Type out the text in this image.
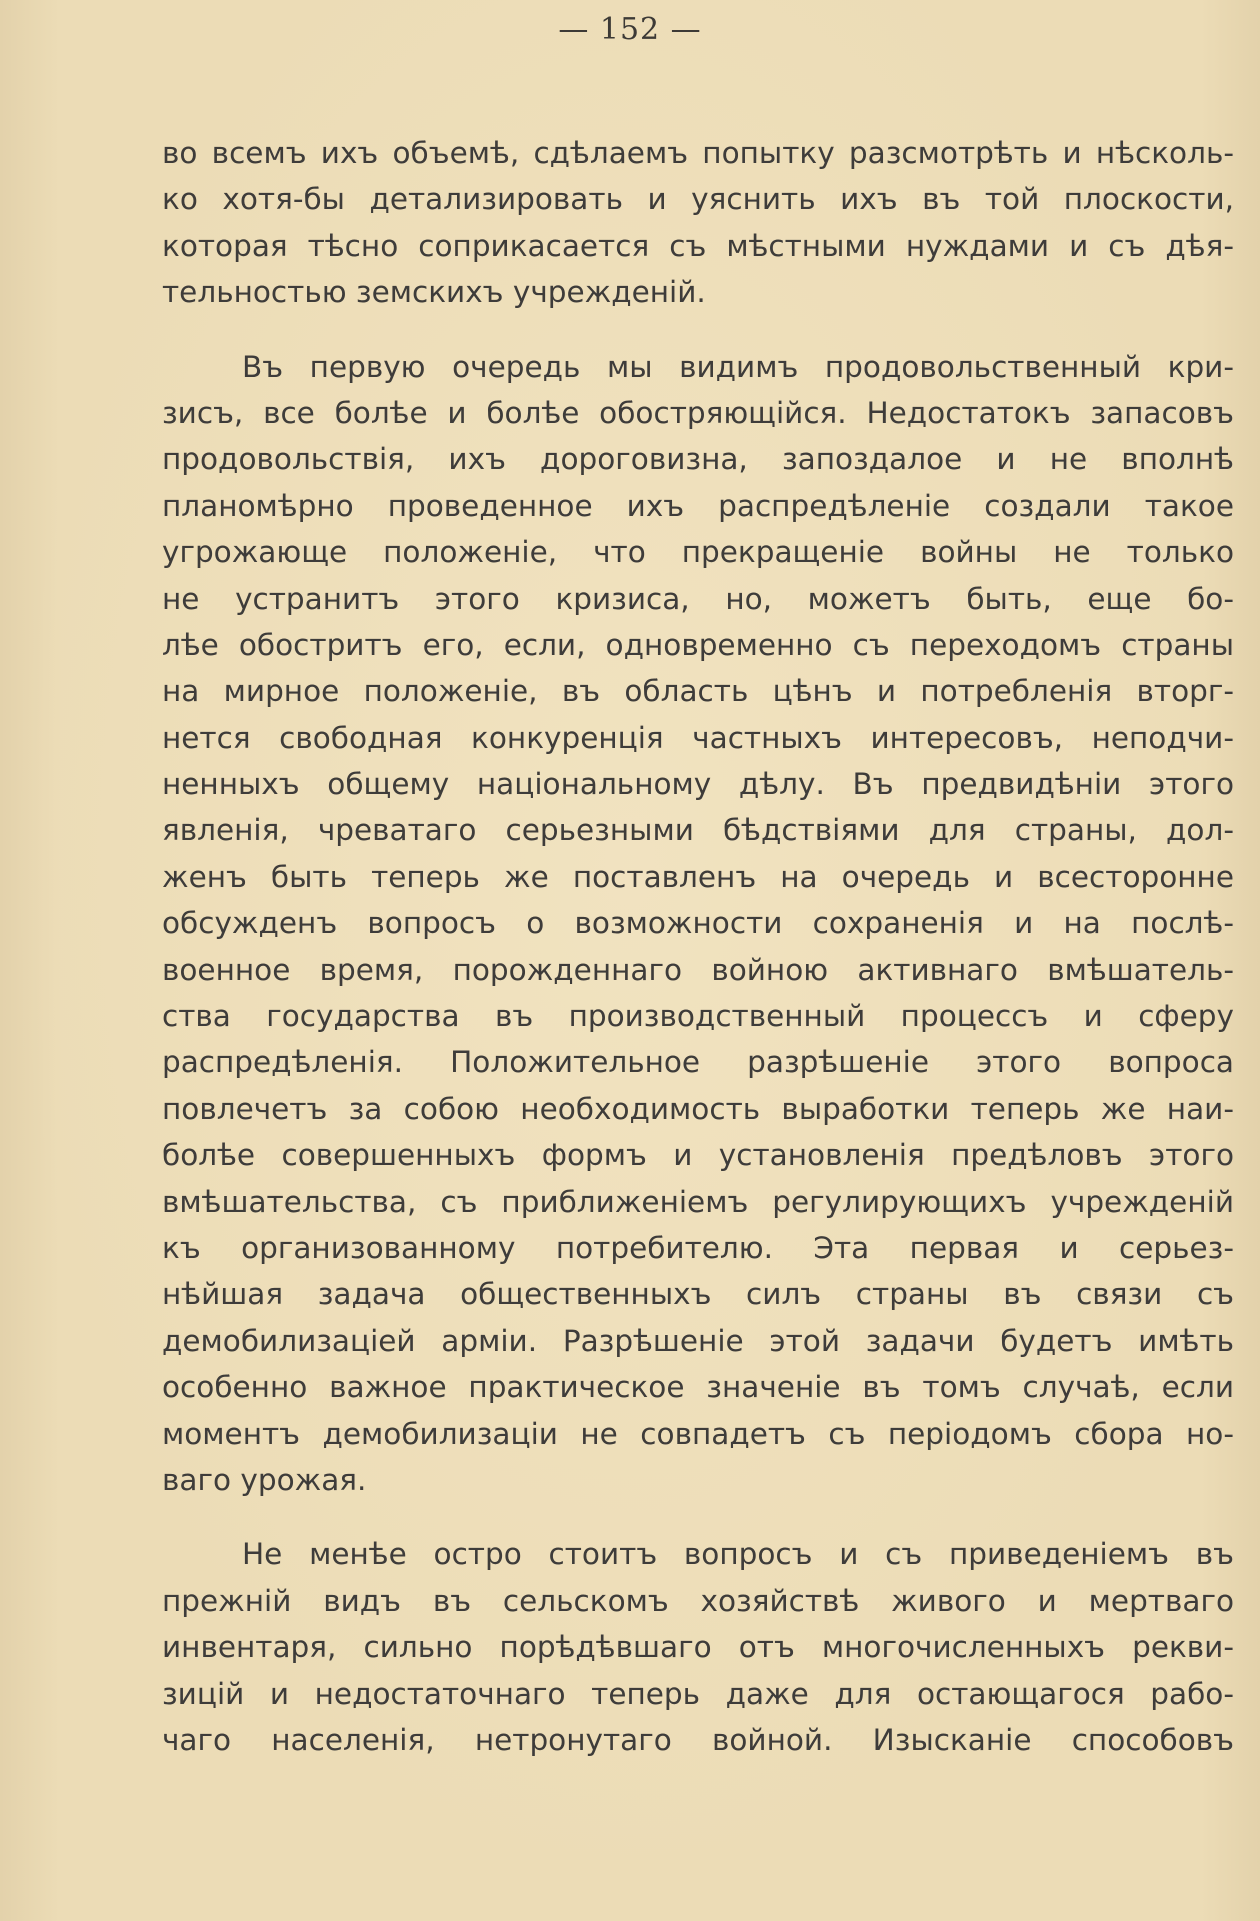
— 152 —
во всемъ ихъ объемѣ, сдѣлаемъ попытку разсмотрѣть и нѣсколь-
ко хотя-бы детализировать и уяснить ихъ въ той плоскости,
которая тѣсно соприкасается съ мѣстными нуждами и съ дѣя-
тельностью земскихъ учрежденій.
Въ первую очередь мы видимъ продовольственный кри-
зисъ, все болѣе и болѣе обостряющійся. Недостатокъ запасовъ
продовольствія, ихъ дороговизна, запоздалое и не вполнѣ
планомѣрно проведенное ихъ распредѣленіе создали такое
угрожающе положеніе, что прекращеніе войны не только
не устранитъ этого кризиса, но, можетъ быть, еще бо-
лѣе обостритъ его, если, одновременно съ переходомъ страны
на мирное положеніе, въ область цѣнъ и потребленія вторг-
нется свободная конкуренція частныхъ интересовъ, неподчи-
ненныхъ общему національному дѣлу. Въ предвидѣніи этого
явленія, чреватаго серьезными бѣдствіями для страны, дол-
женъ быть теперь же поставленъ на очередь и всесторонне
обсужденъ вопросъ о возможности сохраненія и на послѣ-
военное время, порожденнаго войною активнаго вмѣшатель-
ства государства въ производственный процессъ и сферу
распредѣленія. Положительное разрѣшеніе этого вопроса
повлечетъ за собою необходимость выработки теперь же наи-
болѣе совершенныхъ формъ и установленія предѣловъ этого
вмѣшательства, съ приближеніемъ регулирующихъ учрежденій
къ организованному потребителю. Эта первая и серьез-
нѣйшая задача общественныхъ силъ страны въ связи съ
демобилизаціей арміи. Разрѣшеніе этой задачи будетъ имѣть
особенно важное практическое значеніе въ томъ случаѣ, если
моментъ демобилизаціи не совпадетъ съ періодомъ сбора но-
ваго урожая.
Не менѣе остро стоитъ вопросъ и съ приведеніемъ въ
прежній видъ въ сельскомъ хозяйствѣ живого и мертваго
инвентаря, сильно порѣдѣвшаго отъ многочисленныхъ рекви-
зицій и недостаточнаго теперь даже для остающагося рабо-
чаго населенія, нетронутаго войной. Изысканіе способовъ
